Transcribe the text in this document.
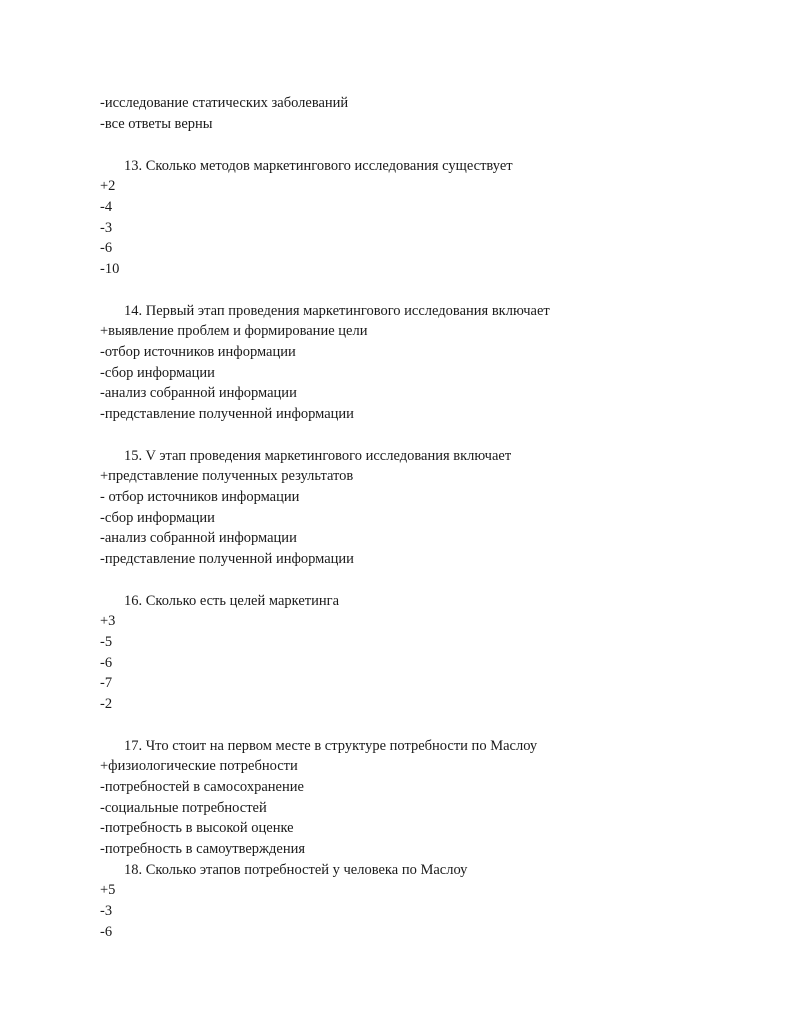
-исследование статических заболеваний
-все ответы верны
13. Сколько методов маркетингового исследования существует
+2
-4
-3
-6
-10
14. Первый этап проведения маркетингового исследования включает
+выявление проблем и формирование цели
-отбор источников информации
-сбор информации
-анализ собранной информации
-представление полученной информации
15. V этап проведения маркетингового исследования включает
+представление полученных результатов
- отбор источников информации
-сбор информации
-анализ собранной информации
-представление полученной информации
16. Сколько есть целей маркетинга
+3
-5
-6
-7
-2
17. Что стоит на первом месте в структуре потребности по Маслоу
+физиологические потребности
-потребностей в самосохранение
-социальные потребностей
-потребность в высокой оценке
-потребность в самоутверждения
18. Сколько этапов потребностей у человека по Маслоу
+5
-3
-6
